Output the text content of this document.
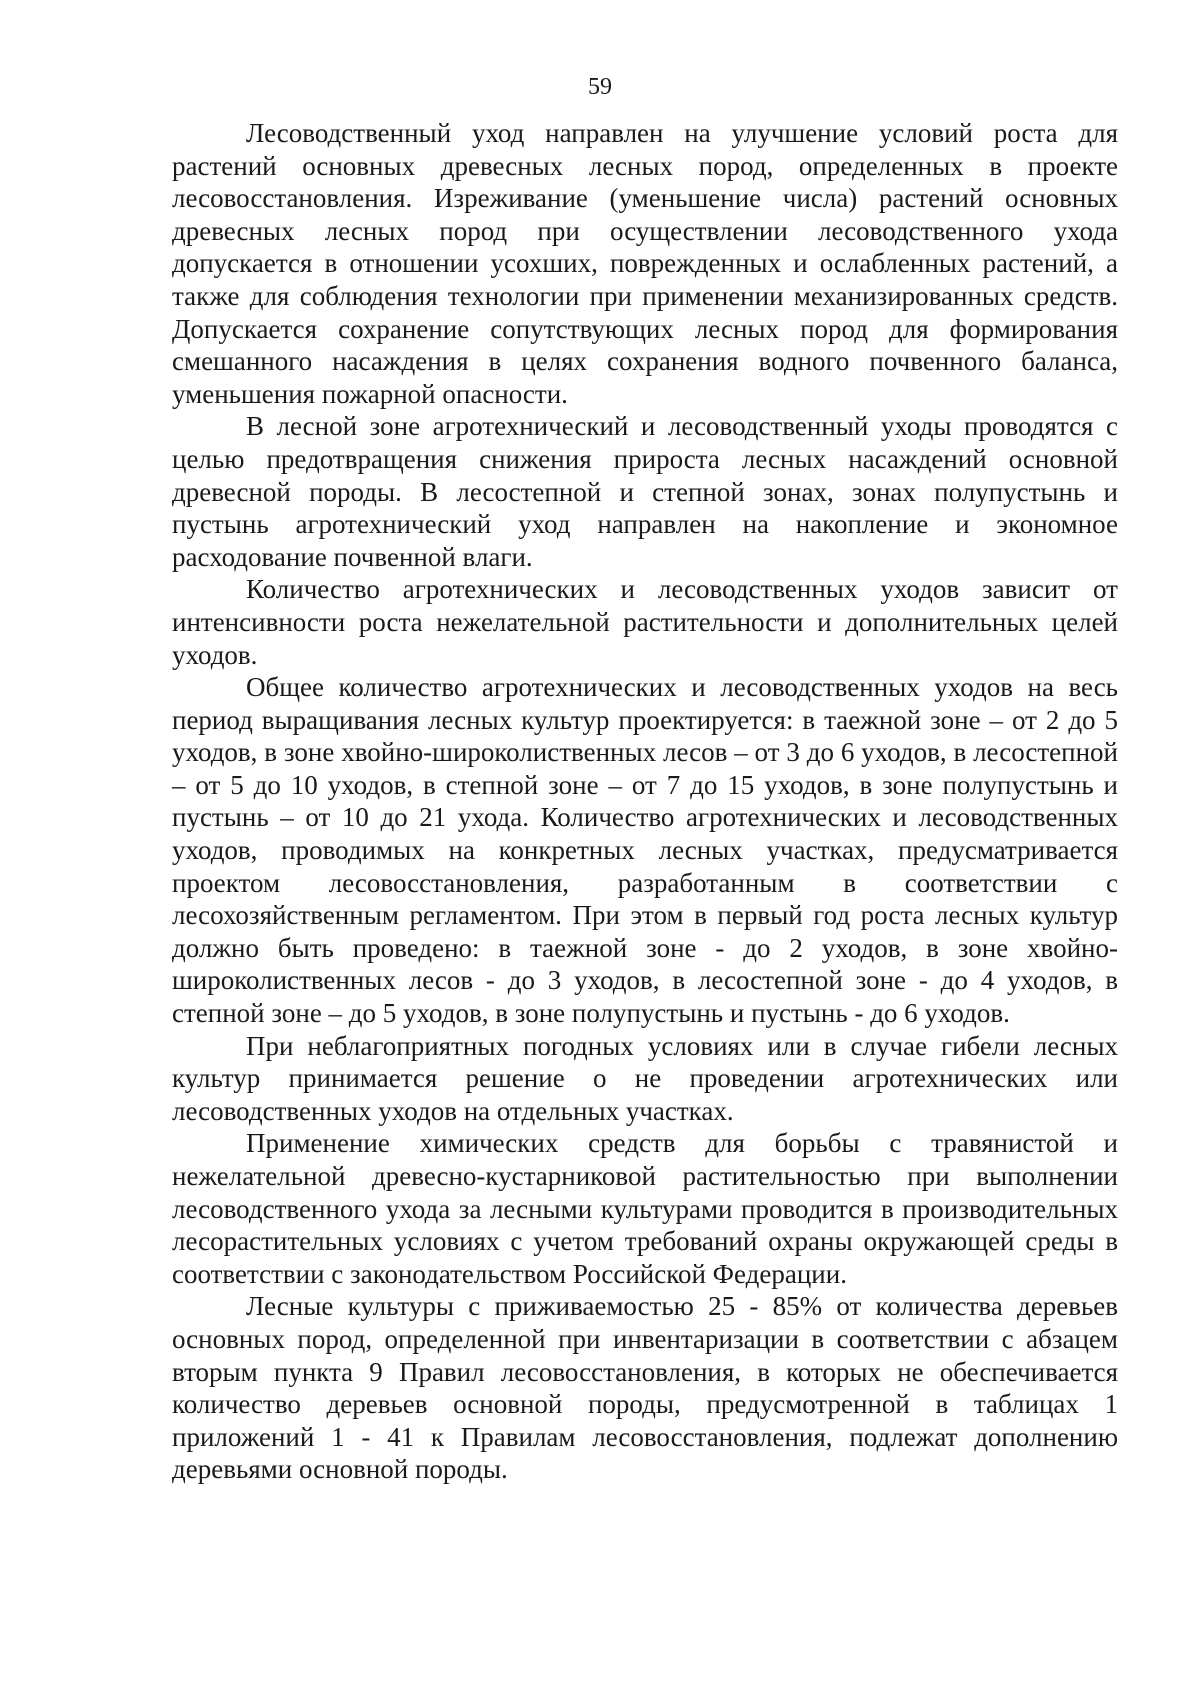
59

Лесоводственный уход направлен на улучшение условий роста для растений основных древесных лесных пород, определенных в проекте лесовосстановления. Изреживание (уменьшение числа) растений основных древесных лесных пород при осуществлении лесоводственного ухода допускается в отношении усохших, поврежденных и ослабленных растений, а также для соблюдения технологии при применении механизированных средств. Допускается сохранение сопутствующих лесных пород для формирования смешанного насаждения в целях сохранения водного почвенного баланса, уменьшения пожарной опасности.

В лесной зоне агротехнический и лесоводственный уходы проводятся с целью предотвращения снижения прироста лесных насаждений основной древесной породы. В лесостепной и степной зонах, зонах полупустынь и пустынь агротехнический уход направлен на накопление и экономное расходование почвенной влаги.

Количество агротехнических и лесоводственных уходов зависит от интенсивности роста нежелательной растительности и дополнительных целей уходов.

Общее количество агротехнических и лесоводственных уходов на весь период выращивания лесных культур проектируется: в таежной зоне – от 2 до 5 уходов, в зоне хвойно-широколиственных лесов – от 3 до 6 уходов, в лесостепной – от 5 до 10 уходов, в степной зоне – от 7 до 15 уходов, в зоне полупустынь и пустынь – от 10 до 21 ухода. Количество агротехнических и лесоводственных уходов, проводимых на конкретных лесных участках, предусматривается проектом лесовосстановления, разработанным в соответствии с лесохозяйственным регламентом. При этом в первый год роста лесных культур должно быть проведено: в таежной зоне - до 2 уходов, в зоне хвойно-широколиственных лесов - до 3 уходов, в лесостепной зоне - до 4 уходов, в степной зоне – до 5 уходов, в зоне полупустынь и пустынь - до 6 уходов.

При неблагоприятных погодных условиях или в случае гибели лесных культур принимается решение о не проведении агротехнических или лесоводственных уходов на отдельных участках.

Применение химических средств для борьбы с травянистой и нежелательной древесно-кустарниковой растительностью при выполнении лесоводственного ухода за лесными культурами проводится в производительных лесорастительных условиях с учетом требований охраны окружающей среды в соответствии с законодательством Российской Федерации.

Лесные культуры с приживаемостью 25 - 85% от количества деревьев основных пород, определенной при инвентаризации в соответствии с абзацем вторым пункта 9 Правил лесовосстановления, в которых не обеспечивается количество деревьев основной породы, предусмотренной в таблицах 1 приложений 1 - 41 к Правилам лесовосстановления, подлежат дополнению деревьями основной породы.
